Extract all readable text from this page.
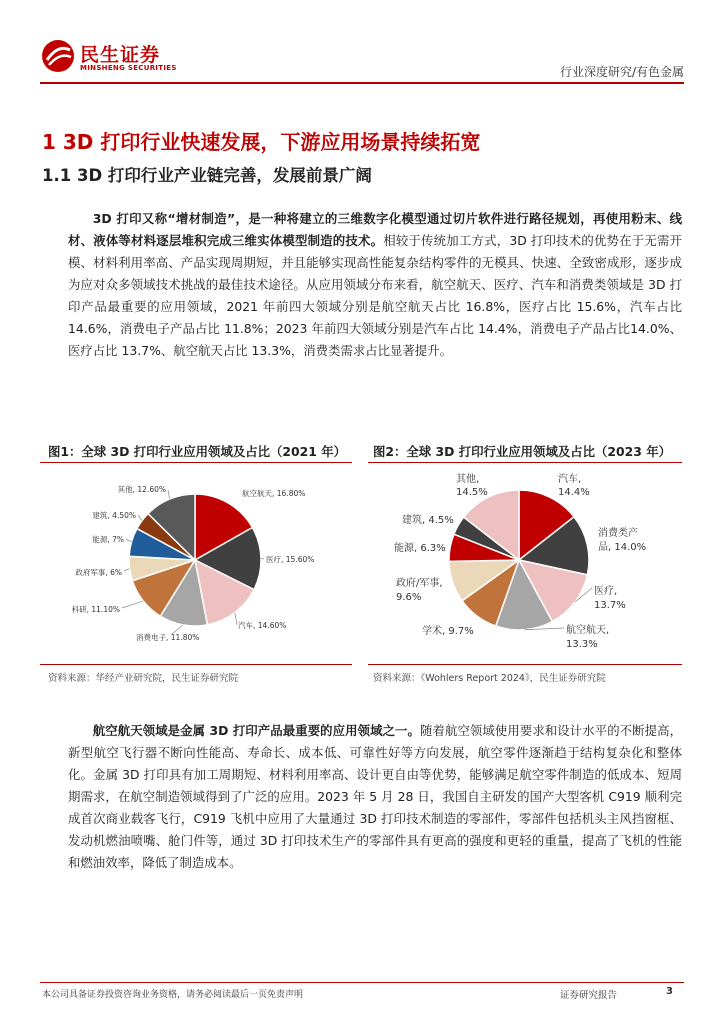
民生证券
MINSHENG SECURITIES	行业深度研究/有色金属
1 3D 打印行业快速发展，下游应用场景持续拓宽
1.1 3D 打印行业产业链完善，发展前景广阔
3D 打印又称“增材制造”，是一种将建立的三维数字化模型通过切片软件进行路径规划，再使用粉末、线材、液体等材料逐层堆积完成三维实体模型制造的技术。相较于传统加工方式，3D 打印技术的优势在于无需开模、材料利用率高、产品实现周期短，并且能够实现高性能复杂结构零件的无模具、快速、全致密成形，逐步成为应对众多领域技术挑战的最佳技术途径。从应用领域分布来看，航空航天、医疗、汽车和消费类领域是 3D 打印产品最重要的应用领域，2021 年前四大领域分别是航空航天占比 16.8%，医疗占比 15.6%，汽车占比 14.6%，消费电子产品占比 11.8%；2023 年前四大领域分别是汽车占比 14.4%，消费电子产品占比14.0%、医疗占比 13.7%、航空航天占比 13.3%，消费类需求占比显著提升。
图1：全球 3D 打印行业应用领域及占比（2021 年）
航空航天, 16.80%
医疗, 15.60%
汽车, 14.60%
消费电子, 11.80%
科研, 11.10%
政府军事, 6%
能源, 7%
建筑, 4.50%
其他, 12.60%
资料来源：华经产业研究院，民生证券研究院
图2：全球 3D 打印行业应用领域及占比（2023 年）
汽车, 14.4%
消费类产品, 14.0%
医疗, 13.7%
航空航天, 13.3%
学术, 9.7%
政府/军事, 9.6%
能源, 6.3%
建筑, 4.5%
其他, 14.5%
资料来源：《Wohlers Report 2024》，民生证券研究院
航空航天领域是金属 3D 打印产品最重要的应用领域之一。随着航空领域使用要求和设计水平的不断提高，新型航空飞行器不断向性能高、寿命长、成本低、可靠性好等方向发展，航空零件逐渐趋于结构复杂化和整体化。金属 3D 打印具有加工周期短、材料利用率高、设计更自由等优势，能够满足航空零件制造的低成本、短周期需求，在航空制造领域得到了广泛的应用。2023 年 5 月 28 日，我国自主研发的国产大型客机 C919 顺利完成首次商业载客飞行，C919 飞机中应用了大量通过 3D 打印技术制造的零部件，零部件包括机头主风挡窗框、发动机燃油喷嘴、舱门件等，通过 3D 打印技术生产的零部件具有更高的强度和更轻的重量，提高了飞机的性能和燃油效率，降低了制造成本。
本公司具备证券投资咨询业务资格，请务必阅读最后一页免责声明	证券研究报告	3
